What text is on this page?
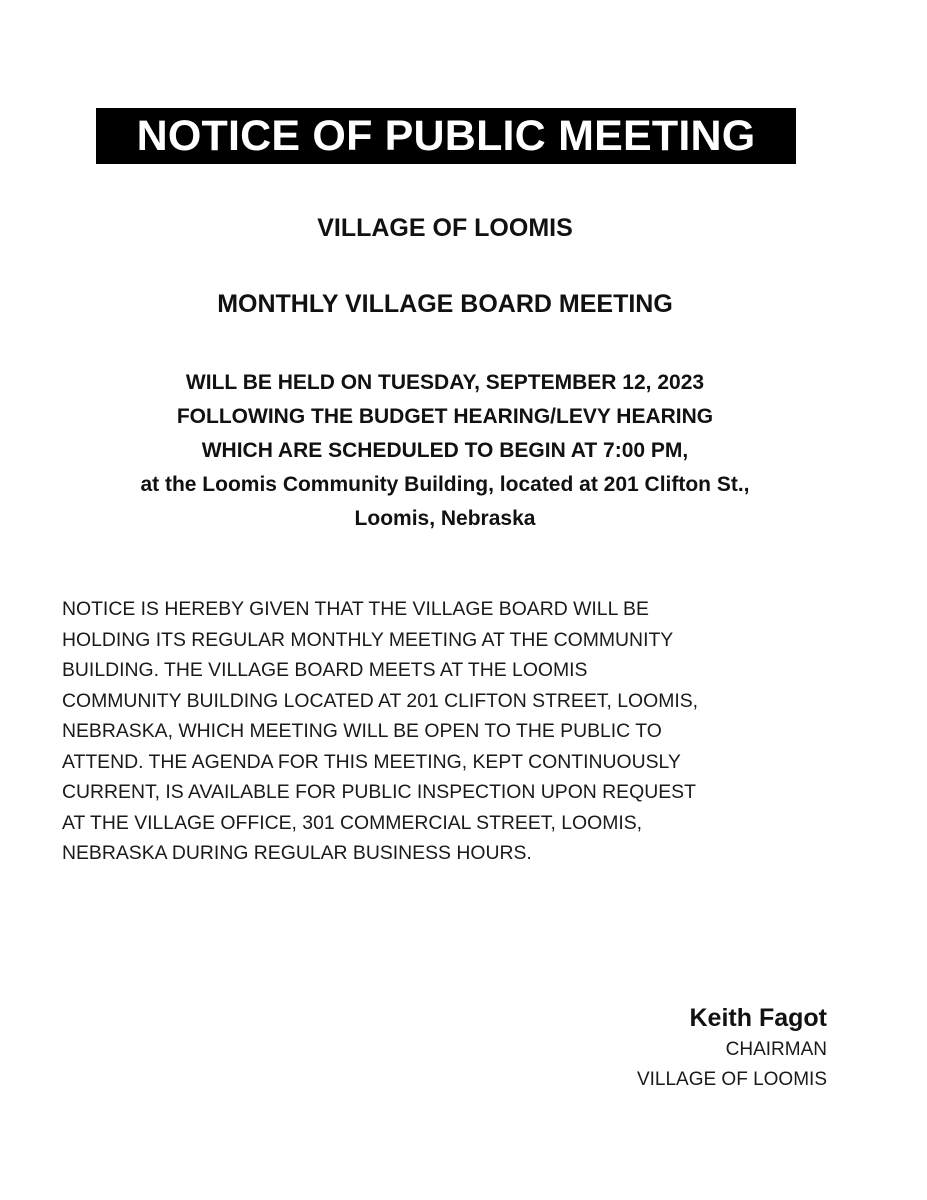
NOTICE OF PUBLIC MEETING
VILLAGE OF LOOMIS
MONTHLY VILLAGE BOARD MEETING
WILL BE HELD ON TUESDAY, SEPTEMBER 12, 2023
FOLLOWING THE BUDGET HEARING/LEVY HEARING
WHICH ARE SCHEDULED TO BEGIN AT 7:00 PM,
at the Loomis Community Building, located at 201 Clifton St.,
Loomis, Nebraska
NOTICE IS HEREBY GIVEN THAT THE VILLAGE BOARD WILL BE
HOLDING ITS REGULAR MONTHLY MEETING AT THE COMMUNITY
BUILDING. THE VILLAGE BOARD MEETS AT THE LOOMIS
COMMUNITY BUILDING LOCATED AT 201 CLIFTON STREET, LOOMIS,
NEBRASKA, WHICH MEETING WILL BE OPEN TO THE PUBLIC TO
ATTEND. THE AGENDA FOR THIS MEETING, KEPT CONTINUOUSLY
CURRENT, IS AVAILABLE FOR PUBLIC INSPECTION UPON REQUEST
AT THE VILLAGE OFFICE, 301 COMMERCIAL STREET, LOOMIS,
NEBRASKA DURING REGULAR BUSINESS HOURS.
Keith Fagot
CHAIRMAN
VILLAGE OF LOOMIS
